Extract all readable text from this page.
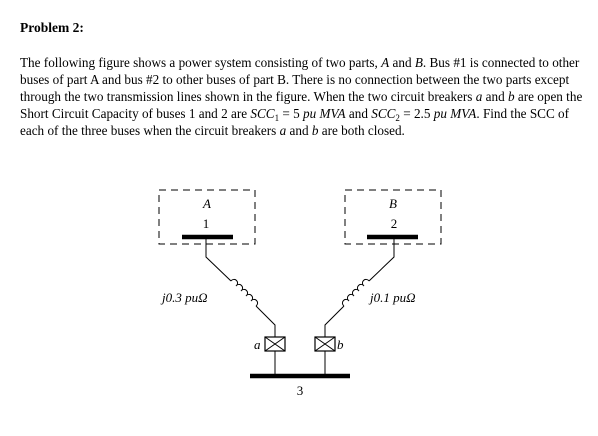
Problem 2:

The following figure shows a power system consisting of two parts, A and B. Bus #1 is connected to other buses of part A and bus #2 to other buses of part B. There is no connection between the two parts except through the two transmission lines shown in the figure. When the two circuit breakers a and b are open the Short Circuit Capacity of buses 1 and 2 are $SCC_1 = 5$ pu MVA and $SCC_2 = 2.5$ pu MVA. Find the SCC of each of the three buses when the circuit breakers a and b are both closed.

A
1
B
2
j0.3 puΩ	j0.1 puΩ
a	b
3
